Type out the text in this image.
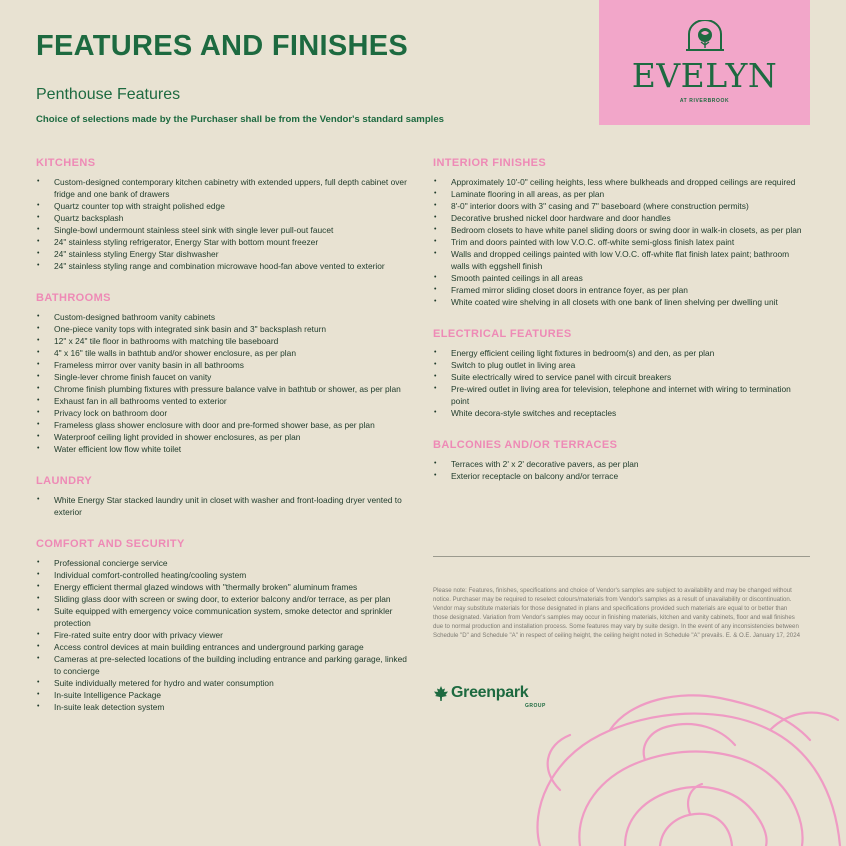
FEATURES AND FINISHES

Penthouse Features

Choice of selections made by the Purchaser shall be from the Vendor's standard samples

EVELYN
AT RIVERBROOK
KITCHENS
• Custom-designed contemporary kitchen cabinetry with extended uppers, full depth cabinet over fridge and one bank of drawers
• Quartz counter top with straight polished edge
• Quartz backsplash
• Single-bowl undermount stainless steel sink with single lever pull-out faucet
• 24" stainless styling refrigerator, Energy Star with bottom mount freezer
• 24" stainless styling Energy Star dishwasher
• 24" stainless styling range and combination microwave hood-fan above vented to exterior
BATHROOMS
• Custom-designed bathroom vanity cabinets
• One-piece vanity tops with integrated sink basin and 3" backsplash return
• 12" x 24" tile floor in bathrooms with matching tile baseboard
• 4" x 16" tile walls in bathtub and/or shower enclosure, as per plan
• Frameless mirror over vanity basin in all bathrooms
• Single-lever chrome finish faucet on vanity
• Chrome finish plumbing fixtures with pressure balance valve in bathtub or shower, as per plan
• Exhaust fan in all bathrooms vented to exterior
• Privacy lock on bathroom door
• Frameless glass shower enclosure with door and pre-formed shower base, as per plan
• Waterproof ceiling light provided in shower enclosures, as per plan
• Water efficient low flow white toilet
LAUNDRY
• White Energy Star stacked laundry unit in closet with washer and front-loading dryer vented to exterior
COMFORT AND SECURITY
• Professional concierge service
• Individual comfort-controlled heating/cooling system
• Energy efficient thermal glazed windows with "thermally broken" aluminum frames
• Sliding glass door with screen or swing door, to exterior balcony and/or terrace, as per plan
• Suite equipped with emergency voice communication system, smoke detector and sprinkler protection
• Fire-rated suite entry door with privacy viewer
• Access control devices at main building entrances and underground parking garage
• Cameras at pre-selected locations of the building including entrance and parking garage, linked to concierge
• Suite individually metered for hydro and water consumption
• In-suite Intelligence Package
• In-suite leak detection system
INTERIOR FINISHES
• Approximately 10'-0" ceiling heights, less where bulkheads and dropped ceilings are required
• Laminate flooring in all areas, as per plan
• 8'-0" interior doors with 3" casing and 7" baseboard (where construction permits)
• Decorative brushed nickel door hardware and door handles
• Bedroom closets to have white panel sliding doors or swing door in walk-in closets, as per plan
• Trim and doors painted with low V.O.C. off-white semi-gloss finish latex paint
• Walls and dropped ceilings painted with low V.O.C. off-white flat finish latex paint; bathroom walls with eggshell finish
• Smooth painted ceilings in all areas
• Framed mirror sliding closet doors in entrance foyer, as per plan
• White coated wire shelving in all closets with one bank of linen shelving per dwelling unit
ELECTRICAL FEATURES
• Energy efficient ceiling light fixtures in bedroom(s) and den, as per plan
• Switch to plug outlet in living area
• Suite electrically wired to service panel with circuit breakers
• Pre-wired outlet in living area for television, telephone and internet with wiring to termination point
• White decora-style switches and receptacles
BALCONIES AND/OR TERRACES
• Terraces with 2' x 2' decorative pavers, as per plan
• Exterior receptacle on balcony and/or terrace

Please note: Features, finishes, specifications and choice of Vendor's samples are subject to availability and may be changed without notice. Purchaser may be required to reselect colours/materials from Vendor's samples as a result of unavailability or discontinuation. Vendor may substitute materials for those designated in plans and specifications provided such materials are equal to or better than those designated. Variation from Vendor's samples may occur in finishing materials, kitchen and vanity cabinets, floor and wall finishes due to normal production and installation process. Some features may vary by suite design. In the event of any inconsistencies between Schedule "D" and Schedule "A" in respect of ceiling height, the ceiling height noted in Schedule "A" prevails. E. & O.E. January 17, 2024

Greenpark
GROUP
